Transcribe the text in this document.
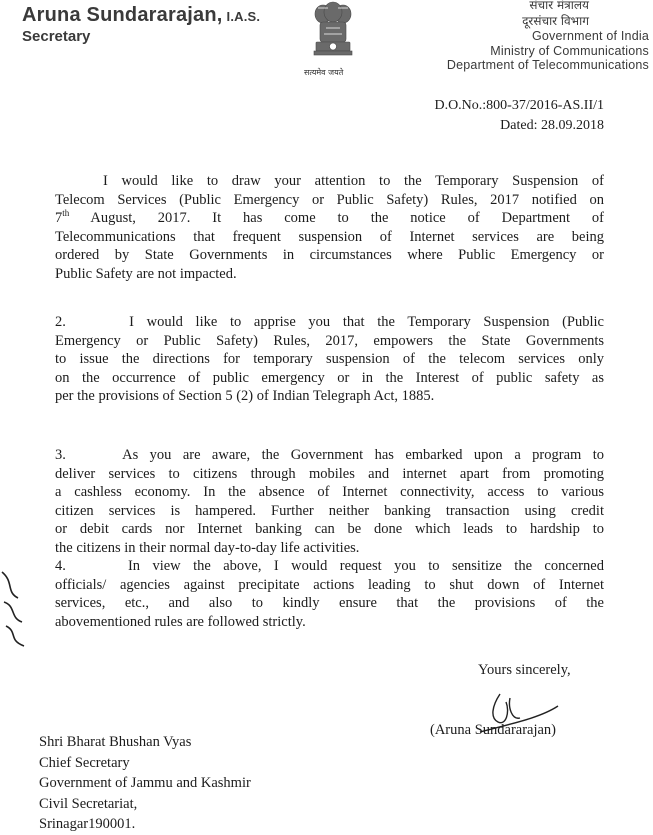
Aruna Sundararajan, I.A.S.
Secretary
सत्यमेव जयते
संचार मंत्रालय
दूरसंचार विभाग
Government of India
Ministry of Communications
Department of Telecommunications
D.O.No.:800-37/2016-AS.II/1
Dated: 28.09.2018

I would like to draw your attention to the Temporary Suspension of

Telecom Services (Public Emergency or Public Safety) Rules, 2017 notified on

7th August, 2017. It has come to the notice of Department of

Telecommunications that frequent suspension of Internet services are being

ordered by State Governments in circumstances where Public Emergency or

Public Safety are not impacted.

2.     I would like to apprise you that the Temporary Suspension (Public

Emergency or Public Safety) Rules, 2017, empowers the State Governments

to issue the directions for temporary suspension of the telecom services only

on the occurrence of public emergency or in the Interest of public safety as

per the provisions of Section 5 (2) of Indian Telegraph Act, 1885.

3.     As you are aware, the Government has embarked upon a program to

deliver services to citizens through mobiles and internet apart from promoting

a cashless economy. In the absence of Internet connectivity, access to various

citizen services is hampered. Further neither banking transaction using credit

or debit cards nor Internet banking can be done which leads to hardship to

the citizens in their normal day-to-day life activities.

4.     In view the above, I would request you to sensitize the concerned

officials/ agencies against precipitate actions leading to shut down of Internet

services, etc., and also to kindly ensure that the provisions of the

abovementioned rules are followed strictly.

Yours sincerely,
(Aruna Sundararajan)
Shri Bharat Bhushan Vyas
Chief Secretary
Government of Jammu and Kashmir
Civil Secretariat,
Srinagar190001.
